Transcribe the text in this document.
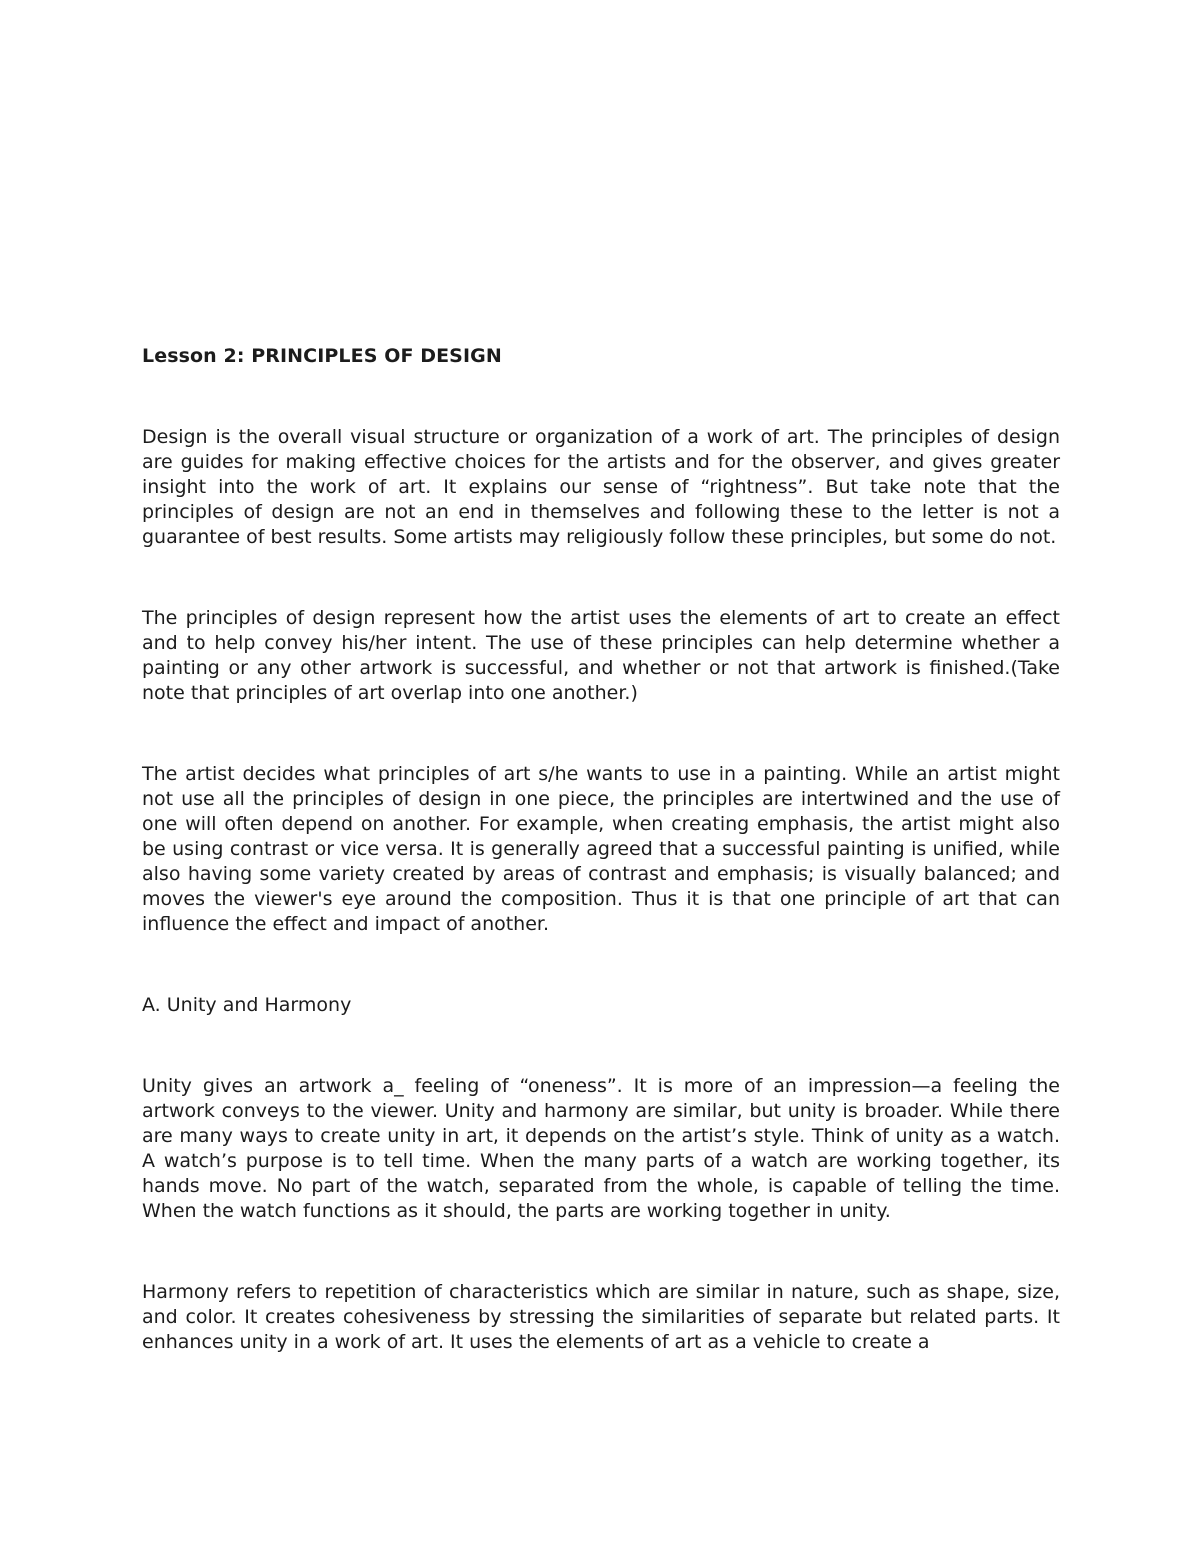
Lesson 2: PRINCIPLES OF DESIGN

Design is the overall visual structure or organization of a work of art. The principles of design are guides for making effective choices for the artists and for the observer, and gives greater insight into the work of art. It explains our sense of “rightness”. But take note that the principles of design are not an end in themselves and following these to the letter is not a guarantee of best results. Some artists may religiously follow these principles, but some do not.

The principles of design represent how the artist uses the elements of art to create an effect and to help convey his/her intent. The use of these principles can help determine whether a painting or any other artwork is successful, and whether or not that artwork is finished.(Take note that principles of art overlap into one another.)

The artist decides what principles of art s/he wants to use in a painting. While an artist might not use all the principles of design in one piece, the principles are intertwined and the use of one will often depend on another. For example, when creating emphasis, the artist might also be using contrast or vice versa. It is generally agreed that a successful painting is unified, while also having some variety created by areas of contrast and emphasis; is visually balanced; and moves the viewer's eye around the composition. Thus it is that one principle of art that can influence the effect and impact of another.

A. Unity and Harmony

Unity gives an artwork a_ feeling of “oneness”. It is more of an impression—a feeling the artwork conveys to the viewer. Unity and harmony are similar, but unity is broader. While there are many ways to create unity in art, it depends on the artist’s style. Think of unity as a watch. A watch’s purpose is to tell time. When the many parts of a watch are working together, its hands move. No part of the watch, separated from the whole, is capable of telling the time. When the watch functions as it should, the parts are working together in unity.

Harmony refers to repetition of characteristics which are similar in nature, such as shape, size, and color. It creates cohesiveness by stressing the similarities of separate but related parts. It enhances unity in a work of art. It uses the elements of art as a vehicle to create a
